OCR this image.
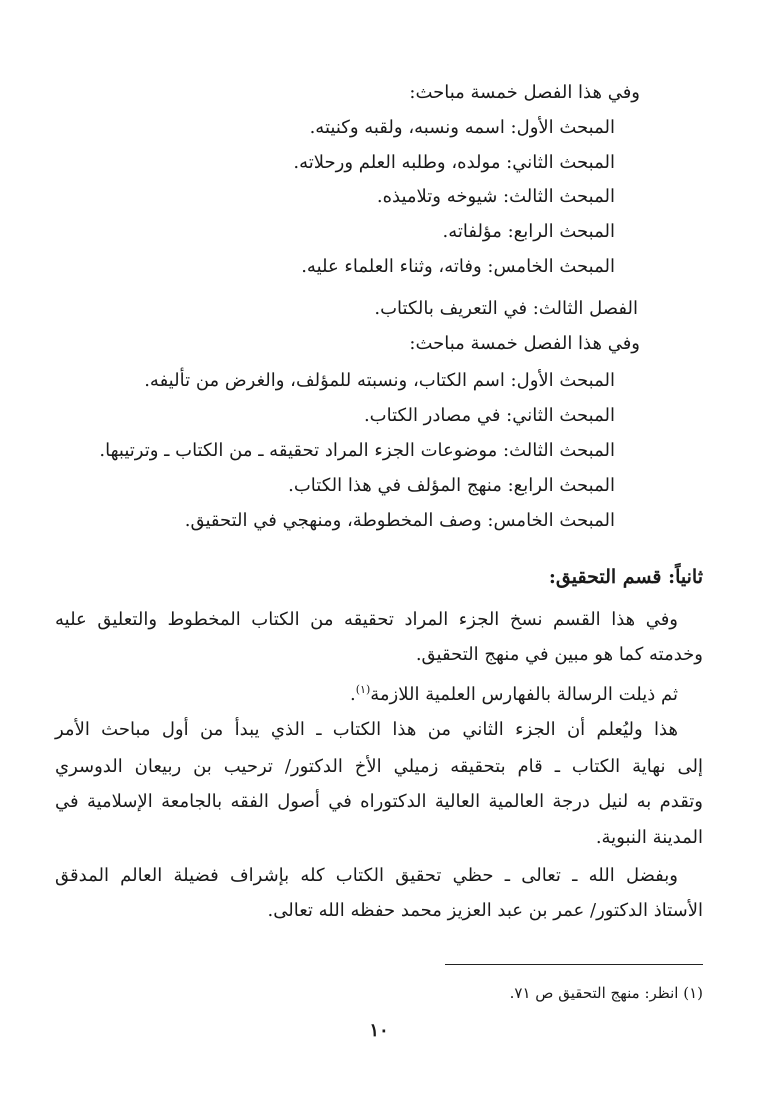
وفي هذا الفصل خمسة مباحث:
المبحث الأول: اسمه ونسبه، ولقبه وكنيته.
المبحث الثاني: مولده، وطلبه العلم ورحلاته.
المبحث الثالث: شيوخه وتلاميذه.
المبحث الرابع: مؤلفاته.
المبحث الخامس: وفاته، وثناء العلماء عليه.
الفصل الثالث: في التعريف بالكتاب.
وفي هذا الفصل خمسة مباحث:
المبحث الأول: اسم الكتاب، ونسبته للمؤلف، والغرض من تأليفه.
المبحث الثاني: في مصادر الكتاب.
المبحث الثالث: موضوعات الجزء المراد تحقيقه ـ من الكتاب ـ وترتيبها.
المبحث الرابع: منهج المؤلف في هذا الكتاب.
المبحث الخامس: وصف المخطوطة، ومنهجي في التحقيق.
ثانياً: قسم التحقيق:
وفي هذا القسم نسخ الجزء المراد تحقيقه من الكتاب المخطوط والتعليق عليه
وخدمته كما هو مبين في منهج التحقيق.
ثم ذيلت الرسالة بالفهارس العلمية اللازمة$^{(١)}$.
هذا وليُعلم أن الجزء الثاني من هذا الكتاب ـ الذي يبدأ من أول مباحث الأمر
إلى نهاية الكتاب ـ قام بتحقيقه زميلي الأخ الدكتور/ ترحيب بن ربيعان الدوسري
وتقدم به لنيل درجة العالمية العالية الدكتوراه في أصول الفقه بالجامعة الإسلامية في
المدينة النبوية.
وبفضل الله ـ تعالى ـ حظي تحقيق الكتاب كله بإشراف فضيلة العالم المدقق
الأستاذ الدكتور/ عمر بن عبد العزيز محمد حفظه الله تعالى.
(١) انظر: منهج التحقيق ص ٧١.
١٠
